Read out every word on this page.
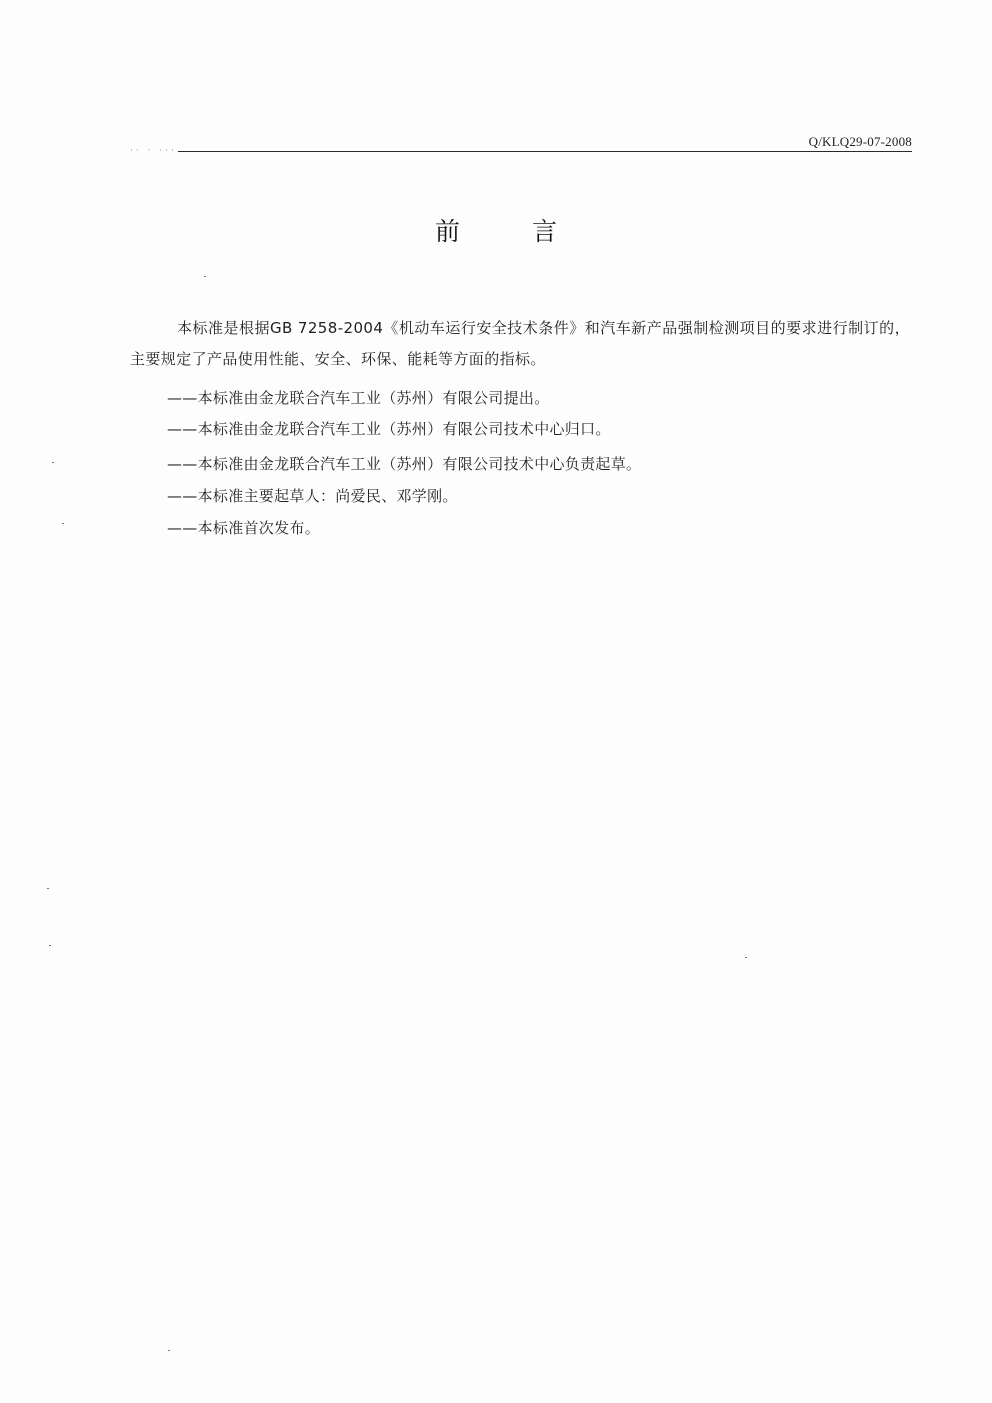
Q/KLQ29-07-2008
·· · ···
前言

本标准是根据GB 7258-2004《机动车运行安全技术条件》和汽车新产品强制检测项目的要求进行制订的，主要规定了产品使用性能、安全、环保、能耗等方面的指标。

——本标准由金龙联合汽车工业（苏州）有限公司提出。

——本标准由金龙联合汽车工业（苏州）有限公司技术中心归口。

——本标准由金龙联合汽车工业（苏州）有限公司技术中心负责起草。

——本标准主要起草人：尚爱民、邓学刚。

——本标准首次发布。
